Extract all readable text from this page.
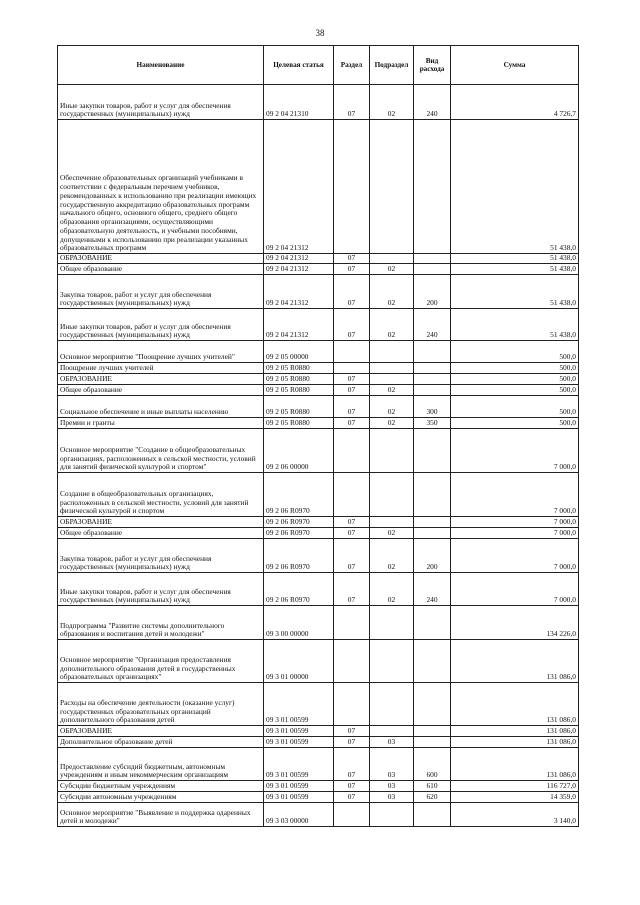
38
Наименование	Целевая статья	Раздел	Подраздел	Вид расхода	Сумма
Иные закупки товаров, работ и услуг для обеспечения государственных (муниципальных) нужд	09 2 04 21310	07	02	240	4 726,7

Обеспечение образовательных организаций учебниками в соответствии с федеральным перечнем учебников, рекомендованных к использованию при реализации имеющих государственную аккредитацию образовательных программ начального общего, основного общего, среднего общего образования организациями, осуществляющими образовательную деятельность, и учебными пособиями, допущенными к использованию при реализации указанных образовательных программ	09 2 04 21312				51 438,0
ОБРАЗОВАНИЕ	09 2 04 21312	07			51 438,0
Общее образование	09 2 04 21312	07	02		51 438,0

Закупка товаров, работ и услуг для обеспечения государственных (муниципальных) нужд	09 2 04 21312	07	02	200	51 438,0
Иные закупки товаров, работ и услуг для обеспечения государственных (муниципальных) нужд	09 2 04 21312	07	02	240	51 438,0
Основное мероприятие "Поощрение лучших учителей"	09 2 05 00000				500,0
Поощрение лучших учителей	09 2 05 R0880				500,0
ОБРАЗОВАНИЕ	09 2 05 R0880	07			500,0
Общее образование	09 2 05 R0880	07	02		500,0
Социальное обеспечение и иные выплаты населению	09 2 05 R0880	07	02	300	500,0
Премии и гранты	09 2 05 R0880	07	02	350	500,0
Основное мероприятие "Создание в общеобразовательных организациях, расположенных в сельской местности, условий для занятий физической культурой и спортом"	09 2 06 00000				7 000,0

Создание в общеобразовательных организациях, расположенных в сельской местности, условий для занятий физической культурой и спортом	09 2 06 R0970				7 000,0
ОБРАЗОВАНИЕ	09 2 06 R0970	07			7 000,0
Общее образование	09 2 06 R0970	07	02		7 000,0

Закупка товаров, работ и услуг для обеспечения государственных (муниципальных) нужд	09 2 06 R0970	07	02	200	7 000,0
Иные закупки товаров, работ и услуг для обеспечения государственных (муниципальных) нужд	09 2 06 R0970	07	02	240	7 000,0

Подпрограмма "Развитие системы дополнительного образования и воспитания детей и молодежи"	09 3 00 00000				134 226,0

Основное мероприятие "Организация предоставления дополнительного образования детей в государственных образовательных организациях"	09 3 01 00000				131 086,0

Расходы на обеспечение деятельности (оказание услуг) государственных образовательных организаций дополнительного образования детей	09 3 01 00599				131 086,0
ОБРАЗОВАНИЕ	09 3 01 00599	07			131 086,0
Дополнительное образование детей	09 3 01 00599	07	03		131 086,0

Предоставление субсидий бюджетным, автономным учреждениям и иным некоммерческим организациям	09 3 01 00599	07	03	600	131 086,0
Субсидии бюджетным учреждениям	09 3 01 00599	07	03	610	116 727,0
Субсидии автономным учреждениям	09 3 01 00599	07	03	620	14 359,0
Основное мероприятие "Выявление и поддержка одаренных детей и молодежи"	09 3 03 00000				3 140,0
